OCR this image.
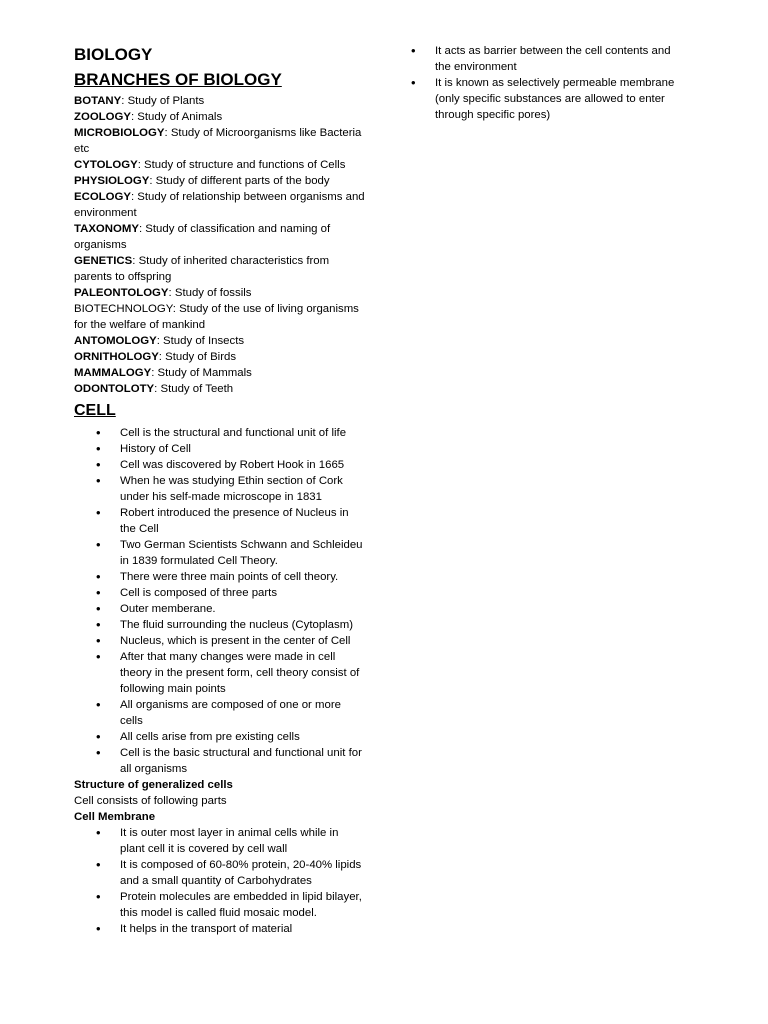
BIOLOGY
BRANCHES OF BIOLOGY

BOTANY: Study of Plants

ZOOLOGY: Study of Animals

MICROBIOLOGY: Study of Microorganisms like Bacteria etc

CYTOLOGY: Study of structure and functions of Cells

PHYSIOLOGY: Study of different parts of the body

ECOLOGY: Study of relationship between organisms and environment

TAXONOMY: Study of classification and naming of organisms

GENETICS: Study of inherited characteristics from parents to offspring

PALEONTOLOGY: Study of fossils

BIOTECHNOLOGY: Study of the use of living organisms for the welfare of mankind

ANTOMOLOGY: Study of Insects

ORNITHOLOGY: Study of Birds

MAMMALOGY: Study of Mammals

ODONTOLOTY: Study of Teeth

CELL
• Cell is the structural and functional unit of life
• History of Cell
• Cell was discovered by Robert Hook in 1665
• When he was studying Ethin section of Cork under his self-made microscope in 1831
• Robert introduced the presence of Nucleus in the Cell
• Two German Scientists Schwann and Schleideu in 1839 formulated Cell Theory.
• There were three main points of cell theory.
• Cell is composed of three parts
• Outer memberane.
• The fluid surrounding the nucleus (Cytoplasm)
• Nucleus, which is present in the center of Cell
• After that many changes were made in cell theory in the present form, cell theory consist of following main points
• All organisms are composed of one or more cells
• All cells arise from pre existing cells
• Cell is the basic structural and functional unit for all organisms

Structure of generalized cells

Cell consists of following parts

Cell Membrane

• It is outer most layer in animal cells while in plant cell it is covered by cell wall
• It is composed of 60-80% protein, 20-40% lipids and a small quantity of Carbohydrates
• Protein molecules are embedded in lipid bilayer, this model is called fluid mosaic model.
• It helps in the transport of material
• It acts as barrier between the cell contents and the environment
• It is known as selectively permeable membrane (only specific substances are allowed to enter through specific pores)
